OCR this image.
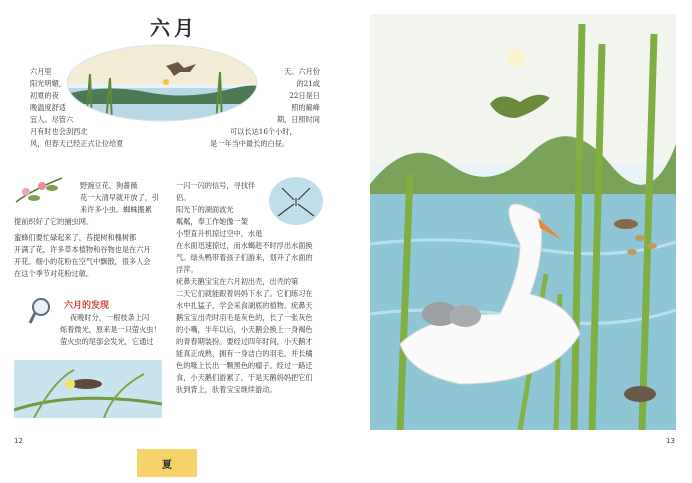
六月
六月里
阳光明媚，
初夏的夜
晚温度舒适
宜人。尽管六
月有时也会刮西北
风，但春天已经正式让位给夏
天。六月份
的21或
22日是日
照的巅峰
期，日照时间
可以长达16个小时，
是一年当中最长的白昼。
野豌豆花、狗蔷薇
花一大清早就开放了，引
来许多小虫。蜘蛛搬累
提前织好了它的捕虫网。
蜜蜂们要忙碌起来了，苔提树和槐树都
开满了花，许多草本植物和谷物也是在六月
开花。细小的花粉在空气中飘散，很多人会
在这个季节对花粉过敏。
六月的发现
夜晚时分，一根枝条上闪
烁着微光，原来是一只萤火虫！
萤火虫的尾部会发光，它通过
一闪一闪的信号，寻找伴
侣。
阳光下的湖面波光
粼粼，奉工作她像一架
小型直升机掠过空中，水黾
在水面迅速掠过，而水蝎趁不时浮出水面换
气。绿头鸭带着孩子们游来，划开了水面的
浮萍。
疣鼻天鹅宝宝在六月初出壳，出壳的第
二天它们就能跟着妈妈下水了。它们练习在
水中扎猛子，学会采食湖底的植物。疣鼻天
鹅宝宝出壳时羽毛是灰色的，长了一张灰色
的小嘴，半年以后，小天鹅会换上一身褐色
的青春期装扮。要经过四年时间，小天鹅才
能真正成熟，拥有一身洁白的羽毛，并长橘
色的喙上长出一颗黑色的瘤子。经过一路迁
食，小天鹅们游累了，于是天鹅妈妈把它们
驮到背上，驮着宝宝继续游动。
12
夏
13
